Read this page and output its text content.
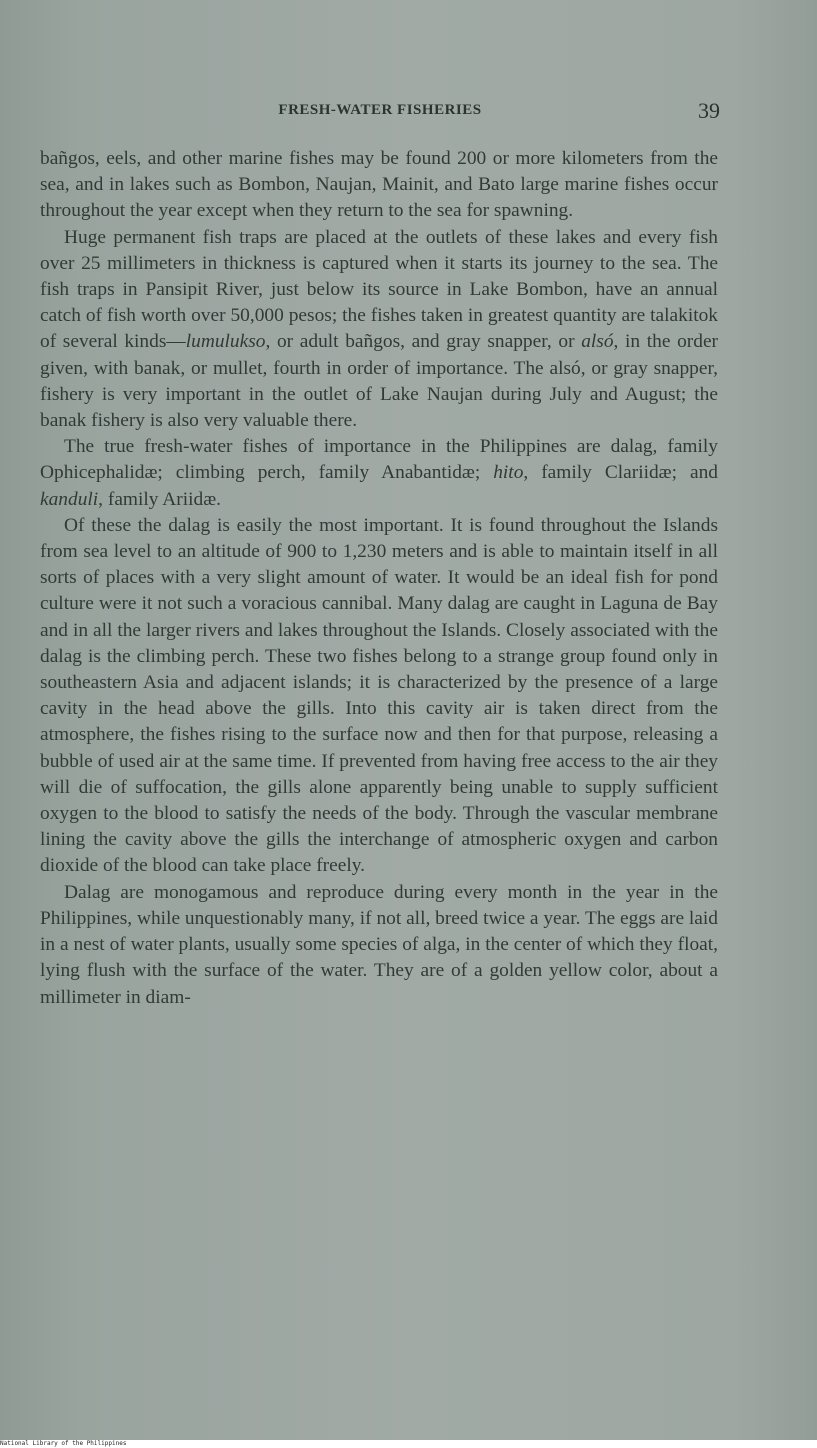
FRESH-WATER FISHERIES	39

bañgos, eels, and other marine fishes may be found 200 or more kilometers from the sea, and in lakes such as Bombon, Naujan, Mainit, and Bato large marine fishes occur throughout the year except when they return to the sea for spawning.

Huge permanent fish traps are placed at the outlets of these lakes and every fish over 25 millimeters in thickness is captured when it starts its journey to the sea. The fish traps in Pansipit River, just below its source in Lake Bombon, have an annual catch of fish worth over 50,000 pesos; the fishes taken in greatest quantity are talakitok of several kinds—lumulukso, or adult bañgos, and gray snapper, or alsó, in the order given, with banak, or mullet, fourth in order of importance. The alsó, or gray snapper, fishery is very important in the outlet of Lake Naujan during July and August; the banak fishery is also very valuable there.

The true fresh-water fishes of importance in the Philippines are dalag, family Ophicephalidæ; climbing perch, family Anabantidæ; hito, family Clariidæ; and kanduli, family Ariidæ.

Of these the dalag is easily the most important. It is found throughout the Islands from sea level to an altitude of 900 to 1,230 meters and is able to maintain itself in all sorts of places with a very slight amount of water. It would be an ideal fish for pond culture were it not such a voracious cannibal. Many dalag are caught in Laguna de Bay and in all the larger rivers and lakes throughout the Islands. Closely associated with the dalag is the climbing perch. These two fishes belong to a strange group found only in southeastern Asia and adjacent islands; it is characterized by the presence of a large cavity in the head above the gills. Into this cavity air is taken direct from the atmosphere, the fishes rising to the surface now and then for that purpose, releasing a bubble of used air at the same time. If prevented from having free access to the air they will die of suffocation, the gills alone apparently being unable to supply sufficient oxygen to the blood to satisfy the needs of the body. Through the vascular membrane lining the cavity above the gills the interchange of atmospheric oxygen and carbon dioxide of the blood can take place freely.

Dalag are monogamous and reproduce during every month in the year in the Philippines, while unquestionably many, if not all, breed twice a year. The eggs are laid in a nest of water plants, usually some species of alga, in the center of which they float, lying flush with the surface of the water. They are of a golden yellow color, about a millimeter in diam-

National Library of the Philippines
